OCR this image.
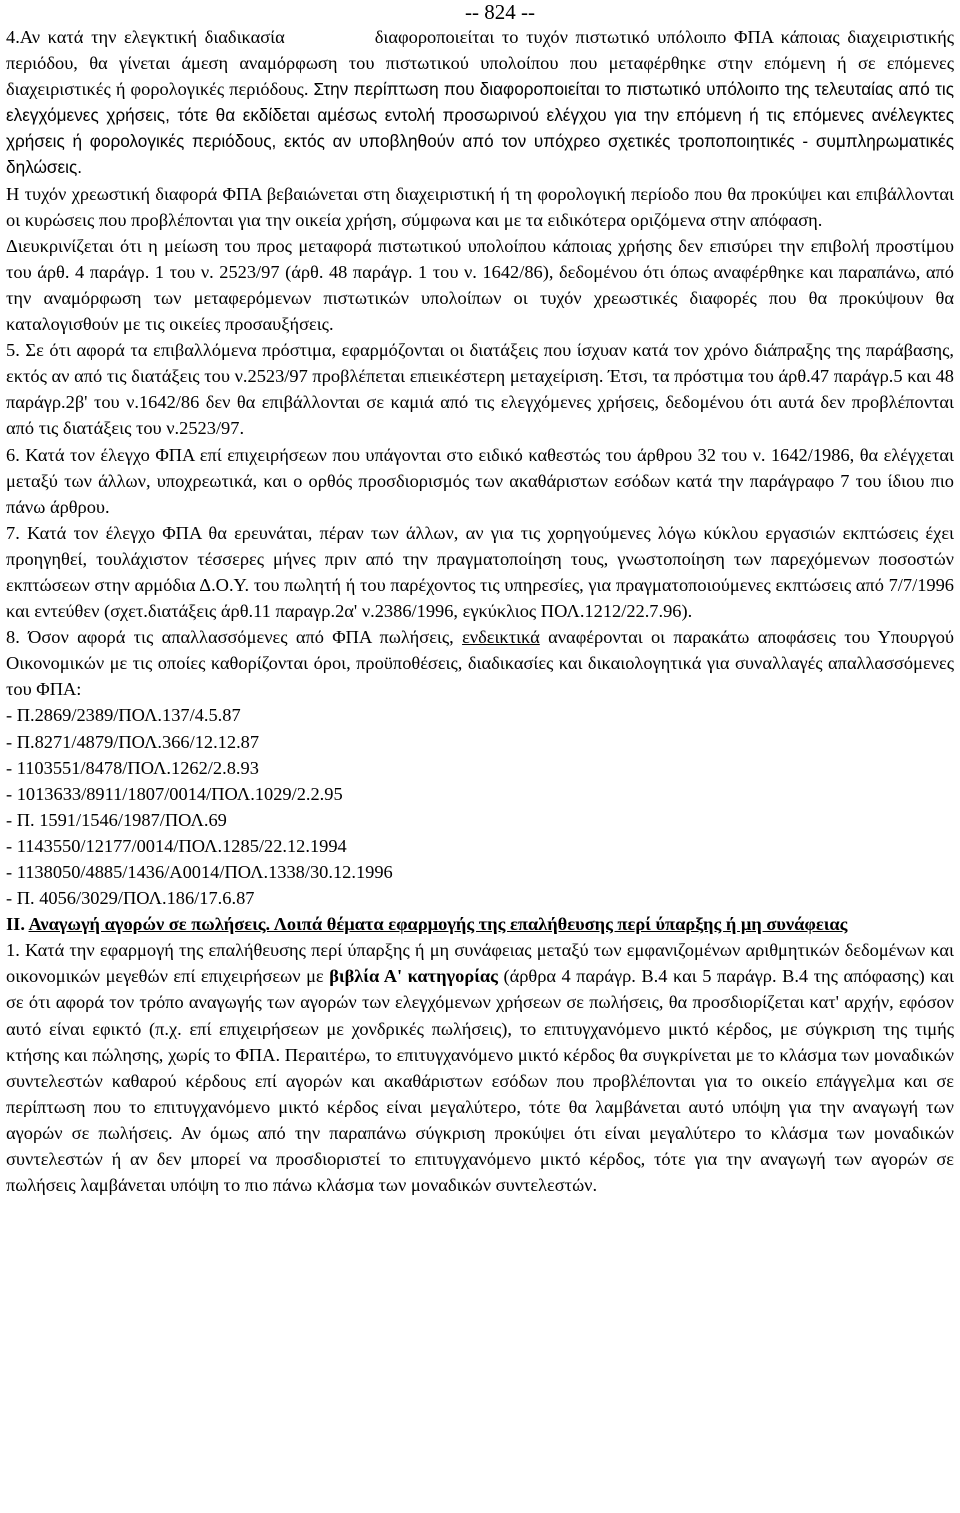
-- 824 --

4.Αν κατά την ελεγκτική διαδικασία	διαφοροποιείται το τυχόν πιστωτικό υπόλοιπο ΦΠΑ κάποιας διαχειριστικής περιόδου, θα γίνεται άμεση αναμόρφωση του πιστωτικού υπολοίπου που μεταφέρθηκε στην επόμενη ή σε επόμενες διαχειριστικές ή φορολογικές περιόδους. Στην περίπτωση που διαφοροποιείται το πιστωτικό υπόλοιπο της τελευταίας από τις ελεγχόμενες χρήσεις, τότε θα εκδίδεται αμέσως εντολή προσωρινού ελέγχου για την επόμενη ή τις επόμενες ανέλεγκτες χρήσεις ή φορολογικές περιόδους, εκτός αν υποβληθούν από τον υπόχρεο σχετικές τροποποιητικές - συμπληρωματικές δηλώσεις.

Η τυχόν χρεωστική διαφορά ΦΠΑ βεβαιώνεται στη διαχειριστική ή τη φορολογική περίοδο που θα προκύψει και επιβάλλονται οι κυρώσεις που προβλέπονται για την οικεία χρήση, σύμφωνα και με τα ειδικότερα οριζόμενα στην απόφαση.

Διευκρινίζεται ότι η μείωση του προς μεταφορά πιστωτικού υπολοίπου κάποιας χρήσης δεν επισύρει την επιβολή προστίμου του άρθ. 4 παράγρ. 1 του ν. 2523/97 (άρθ. 48 παράγρ. 1 του ν. 1642/86), δεδομένου ότι όπως αναφέρθηκε και παραπάνω, από την αναμόρφωση των μεταφερόμενων πιστωτικών υπολοίπων οι τυχόν χρεωστικές διαφορές που θα προκύψουν θα καταλογισθούν με τις οικείες προσαυξήσεις.

5. Σε ότι αφορά τα επιβαλλόμενα πρόστιμα, εφαρμόζονται οι διατάξεις που ίσχυαν κατά τον χρόνο διάπραξης της παράβασης, εκτός αν από τις διατάξεις του ν.2523/97 προβλέπεται επιεικέστερη μεταχείριση. Έτσι, τα πρόστιμα του άρθ.47 παράγρ.5 και 48 παράγρ.2β' του ν.1642/86 δεν θα επιβάλλονται σε καμιά από τις ελεγχόμενες χρήσεις, δεδομένου ότι αυτά δεν προβλέπονται από τις διατάξεις του ν.2523/97.

6. Κατά τον έλεγχο ΦΠΑ επί επιχειρήσεων που υπάγονται στο ειδικό καθεστώς του άρθρου 32 του ν. 1642/1986, θα ελέγχεται μεταξύ των άλλων, υποχρεωτικά, και ο ορθός προσδιορισμός των ακαθάριστων εσόδων κατά την παράγραφο 7 του ίδιου πιο πάνω άρθρου.

7. Κατά τον έλεγχο ΦΠΑ θα ερευνάται, πέραν των άλλων, αν για τις χορηγούμενες λόγω κύκλου εργασιών εκπτώσεις έχει προηγηθεί, τουλάχιστον τέσσερες μήνες πριν από την πραγματοποίηση τους, γνωστοποίηση των παρεχόμενων ποσοστών εκπτώσεων στην αρμόδια Δ.Ο.Υ. του πωλητή ή του παρέχοντος τις υπηρεσίες, για πραγματοποιούμενες εκπτώσεις από 7/7/1996 και εντεύθεν (σχετ.διατάξεις άρθ.11 παραγρ.2α' ν.2386/1996, εγκύκλιος ΠΟΛ.1212/22.7.96).

8. Όσον αφορά τις απαλλασσόμενες από ΦΠΑ πωλήσεις, ενδεικτικά αναφέρονται οι παρακάτω αποφάσεις του Υπουργού Οικονομικών με τις οποίες καθορίζονται όροι, προϋποθέσεις, διαδικασίες και δικαιολογητικά για συναλλαγές απαλλασσόμενες του ΦΠΑ:

- Π.2869/2389/ΠΟΛ.137/4.5.87
- Π.8271/4879/ΠΟΛ.366/12.12.87
- 1103551/8478/ΠΟΛ.1262/2.8.93
- 1013633/8911/1807/0014/ΠΟΛ.1029/2.2.95
- Π. 1591/1546/1987/ΠΟΛ.69
- 1143550/12177/0014/ΠΟΛ.1285/22.12.1994
- 1138050/4885/1436/Α0014/ΠΟΛ.1338/30.12.1996
- Π. 4056/3029/ΠΟΛ.186/17.6.87

ΙΙ. Αναγωγή αγορών σε πωλήσεις. Λοιπά θέματα εφαρμογής της επαλήθευσης περί ύπαρξης ή μη συνάφειας

1. Κατά την εφαρμογή της επαλήθευσης περί ύπαρξης ή μη συνάφειας μεταξύ των εμφανιζομένων αριθμητικών δεδομένων και οικονομικών μεγεθών επί επιχειρήσεων με βιβλία Α' κατηγορίας (άρθρα 4 παράγρ. Β.4 και 5 παράγρ. Β.4 της απόφασης) και σε ότι αφορά τον τρόπο αναγωγής των αγορών των ελεγχόμενων χρήσεων σε πωλήσεις, θα προσδιορίζεται κατ' αρχήν, εφόσον αυτό είναι εφικτό (π.χ. επί επιχειρήσεων με χονδρικές πωλήσεις), το επιτυγχανόμενο μικτό κέρδος, με σύγκριση της τιμής κτήσης και πώλησης, χωρίς το ΦΠΑ. Περαιτέρω, το επιτυγχανόμενο μικτό κέρδος θα συγκρίνεται με το κλάσμα των μοναδικών συντελεστών καθαρού κέρδους επί αγορών και ακαθάριστων εσόδων που προβλέπονται για το οικείο επάγγελμα και σε περίπτωση που το επιτυγχανόμενο μικτό κέρδος είναι μεγαλύτερο, τότε θα λαμβάνεται αυτό υπόψη για την αναγωγή των αγορών σε πωλήσεις. Αν όμως από την παραπάνω σύγκριση προκύψει ότι είναι μεγαλύτερο το κλάσμα των μοναδικών συντελεστών ή αν δεν μπορεί να προσδιοριστεί το επιτυγχανόμενο μικτό κέρδος, τότε για την αναγωγή των αγορών σε πωλήσεις λαμβάνεται υπόψη το πιο πάνω κλάσμα των μοναδικών συντελεστών.
